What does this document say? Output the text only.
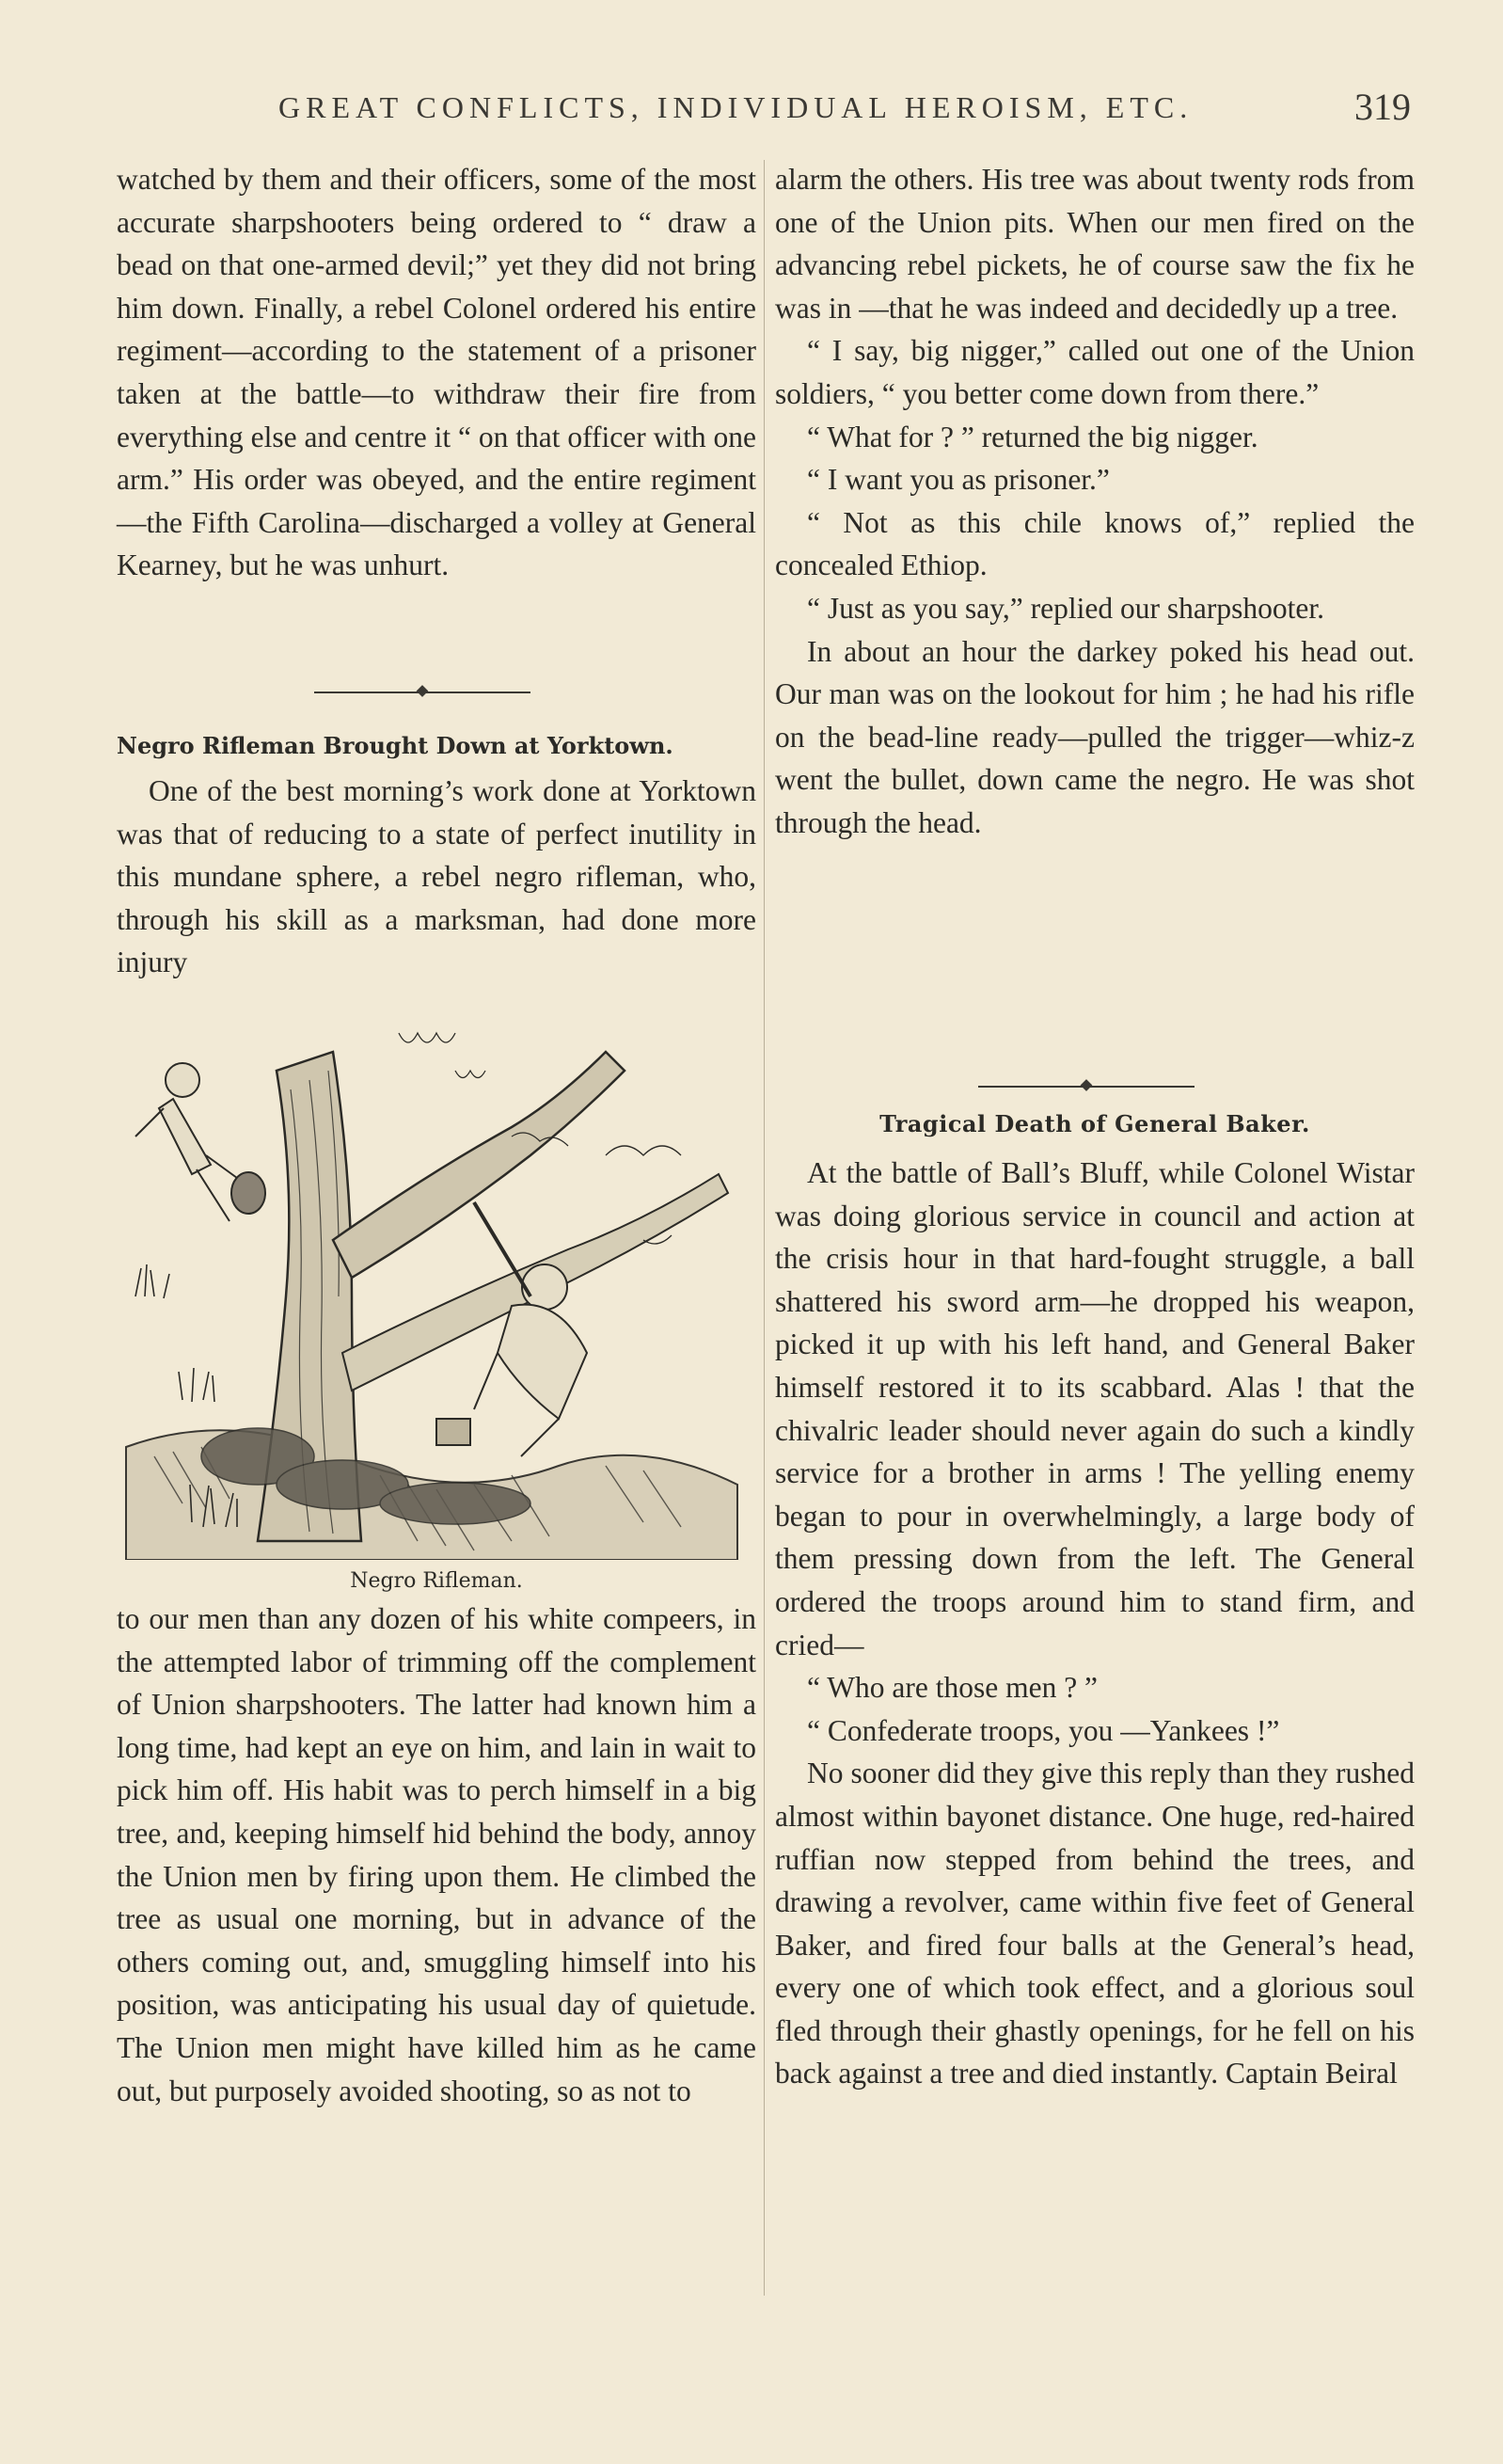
GREAT CONFLICTS, INDIVIDUAL HEROISM, ETC.	319

watched by them and their officers, some of the most accurate sharpshooters being ordered to “ draw a bead on that one-armed devil;” yet they did not bring him down. Finally, a rebel Colonel ordered his entire regiment—according to the statement of a prisoner taken at the battle—to withdraw their fire from everything else and centre it “ on that officer with one arm.” His order was obeyed, and the entire regiment—the Fifth Carolina—discharged a volley at General Kearney, but he was unhurt.

Negro Rifleman Brought Down at Yorktown.

One of the best morning’s work done at Yorktown was that of reducing to a state of perfect inutility in this mundane sphere, a rebel negro rifleman, who, through his skill as a marksman, had done more injury

Negro Rifleman.

to our men than any dozen of his white compeers, in the attempted labor of trimming off the complement of Union sharpshooters. The latter had known him a long time, had kept an eye on him, and lain in wait to pick him off. His habit was to perch himself in a big tree, and, keeping himself hid behind the body, annoy the Union men by firing upon them. He climbed the tree as usual one morning, but in advance of the others coming out, and, smuggling himself into his position, was anticipating his usual day of quietude. The Union men might have killed him as he came out, but purposely avoided shooting, so as not to

alarm the others. His tree was about twenty rods from one of the Union pits. When our men fired on the advancing rebel pickets, he of course saw the fix he was in —that he was indeed and decidedly up a tree.

“ I say, big nigger,” called out one of the Union soldiers, “ you better come down from there.”

“ What for ? ” returned the big nigger.

“ I want you as prisoner.”

“ Not as this chile knows of,” replied the concealed Ethiop.

“ Just as you say,” replied our sharpshooter.

In about an hour the darkey poked his head out. Our man was on the lookout for him ; he had his rifle on the bead-line ready—pulled the trigger—whiz-z went the bullet, down came the negro. He was shot through the head.

Tragical Death of General Baker.

At the battle of Ball’s Bluff, while Colonel Wistar was doing glorious service in council and action at the crisis hour in that hard-fought struggle, a ball shattered his sword arm—he dropped his weapon, picked it up with his left hand, and General Baker himself restored it to its scabbard. Alas ! that the chivalric leader should never again do such a kindly service for a brother in arms ! The yelling enemy began to pour in overwhelmingly, a large body of them pressing down from the left. The General ordered the troops around him to stand firm, and cried—

“ Who are those men ? ”

“ Confederate troops, you —Yankees !”

No sooner did they give this reply than they rushed almost within bayonet distance. One huge, red-haired ruffian now stepped from behind the trees, and drawing a revolver, came within five feet of General Baker, and fired four balls at the General’s head, every one of which took effect, and a glorious soul fled through their ghastly openings, for he fell on his back against a tree and died instantly. Captain Beiral
